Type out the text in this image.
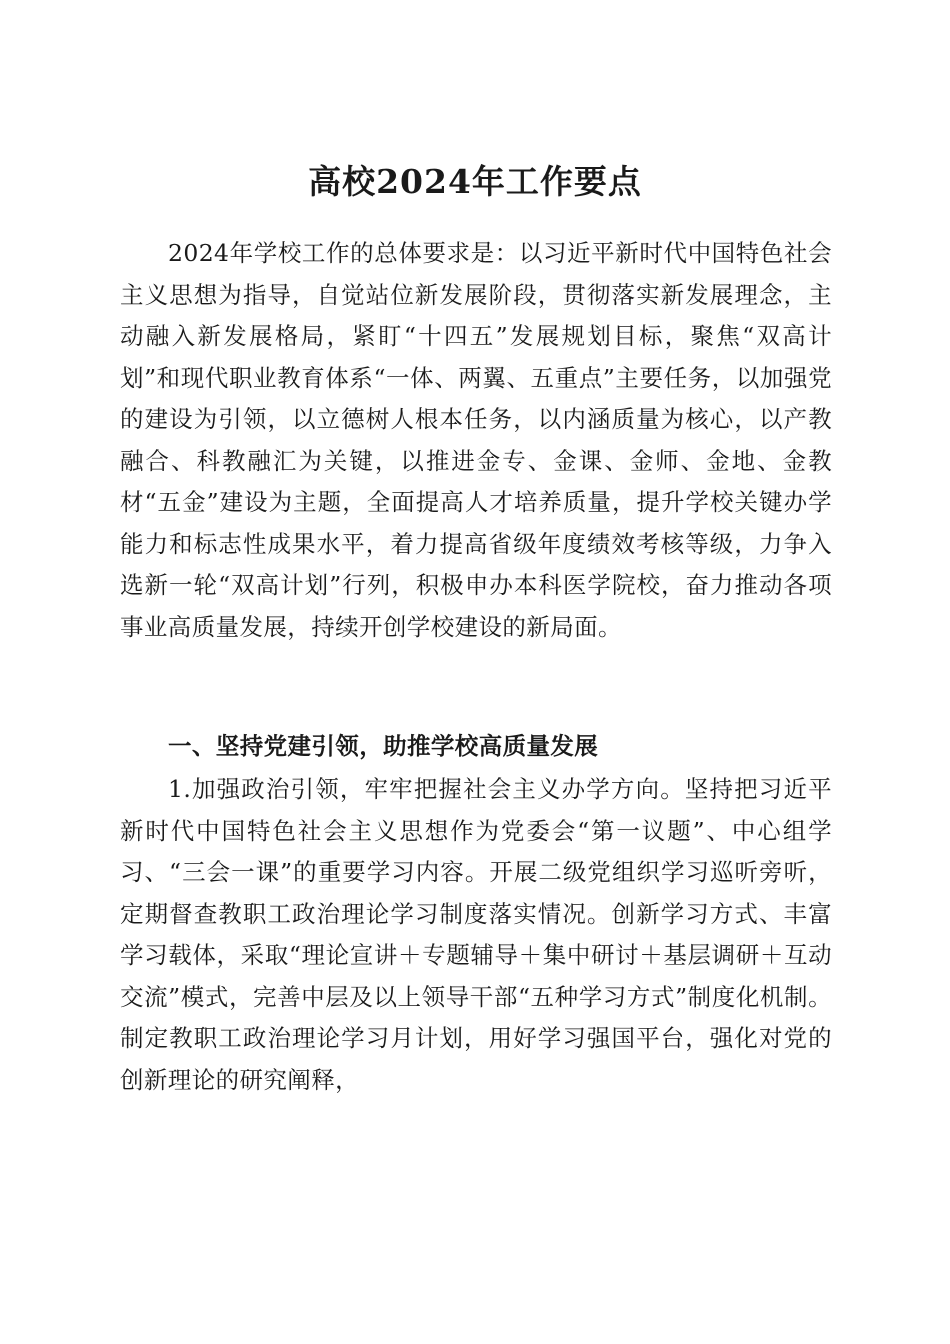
高校2024年工作要点

2024年学校工作的总体要求是：以习近平新时代中国特色社会主义思想为指导，自觉站位新发展阶段，贯彻落实新发展理念，主动融入新发展格局，紧盯“十四五”发展规划目标，聚焦“双高计划”和现代职业教育体系“一体、两翼、五重点”主要任务，以加强党的建设为引领，以立德树人根本任务，以内涵质量为核心，以产教融合、科教融汇为关键，以推进金专、金课、金师、金地、金教材“五金”建设为主题，全面提高人才培养质量，提升学校关键办学能力和标志性成果水平，着力提高省级年度绩效考核等级，力争入选新一轮“双高计划”行列，积极申办本科医学院校，奋力推动各项事业高质量发展，持续开创学校建设的新局面。

一、坚持党建引领，助推学校高质量发展

1.加强政治引领，牢牢把握社会主义办学方向。坚持把习近平新时代中国特色社会主义思想作为党委会“第一议题”、中心组学习、“三会一课”的重要学习内容。开展二级党组织学习巡听旁听，定期督查教职工政治理论学习制度落实情况。创新学习方式、丰富学习载体，采取“理论宣讲＋专题辅导＋集中研讨＋基层调研＋互动交流”模式，完善中层及以上领导干部“五种学习方式”制度化机制。制定教职工政治理论学习月计划，用好学习强国平台，强化对党的创新理论的研究阐释，
